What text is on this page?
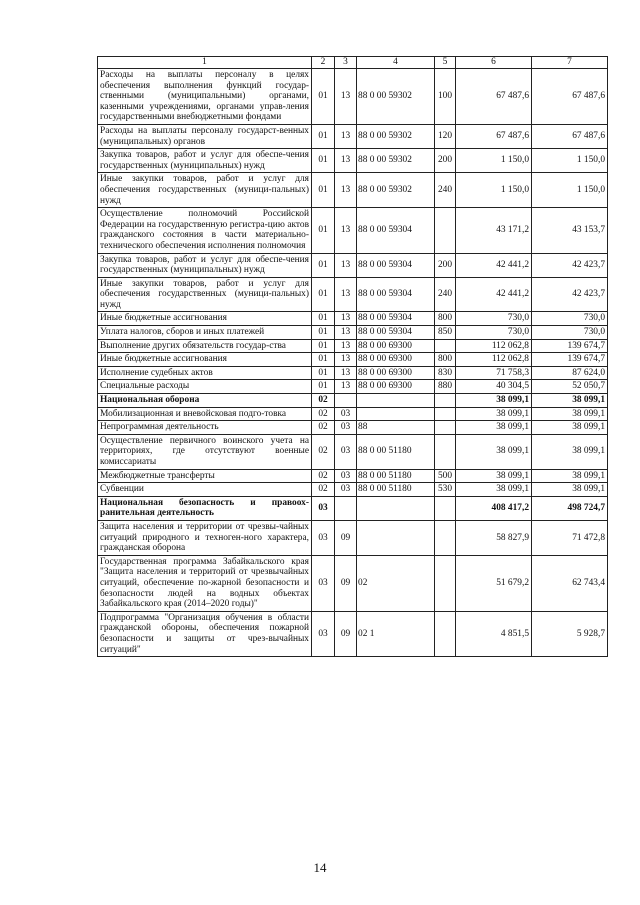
1	2	3	4	5	6	7
Расходы на выплаты персоналу в целях обеспечения выполнения функций государ-ственными (муниципальными) органами, казенными учреждениями, органами управ-ления государственными внебюджетными фондами	01	13	88 0 00 59302	100	67 487,6	67 487,6
Расходы на выплаты персоналу государст-венных (муниципальных) органов	01	13	88 0 00 59302	120	67 487,6	67 487,6
Закупка товаров, работ и услуг для обеспе-чения государственных (муниципальных) нужд	01	13	88 0 00 59302	200	1 150,0	1 150,0
Иные закупки товаров, работ и услуг для обеспечения государственных (муници-пальных) нужд	01	13	88 0 00 59302	240	1 150,0	1 150,0
Осуществление полномочий Российской Федерации на государственную регистра-цию актов гражданского состояния в части материально-технического обеспечения исполнения полномочия	01	13	88 0 00 59304		43 171,2	43 153,7
Закупка товаров, работ и услуг для обеспе-чения государственных (муниципальных) нужд	01	13	88 0 00 59304	200	42 441,2	42 423,7
Иные закупки товаров, работ и услуг для обеспечения государственных (муници-пальных) нужд	01	13	88 0 00 59304	240	42 441,2	42 423,7
Иные бюджетные ассигнования	01	13	88 0 00 59304	800	730,0	730,0
Уплата налогов, сборов и иных платежей	01	13	88 0 00 59304	850	730,0	730,0
Выполнение других обязательств государ-ства	01	13	88 0 00 69300		112 062,8	139 674,7
Иные бюджетные ассигнования	01	13	88 0 00 69300	800	112 062,8	139 674,7
Исполнение судебных актов	01	13	88 0 00 69300	830	71 758,3	87 624,0
Специальные расходы	01	13	88 0 00 69300	880	40 304,5	52 050,7
Национальная оборона	02				38 099,1	38 099,1
Мобилизационная и вневойсковая подго-товка	02	03			38 099,1	38 099,1
Непрограммная деятельность	02	03	88		38 099,1	38 099,1
Осуществление первичного воинского учета на территориях, где отсутствуют военные комиссариаты	02	03	88 0 00 51180		38 099,1	38 099,1
Межбюджетные трансферты	02	03	88 0 00 51180	500	38 099,1	38 099,1
Субвенции	02	03	88 0 00 51180	530	38 099,1	38 099,1
Национальная безопасность и правоох-ранительная деятельность	03				408 417,2	498 724,7
Защита населения и территории от чрезвы-чайных ситуаций природного и техноген-ного характера, гражданская оборона	03	09			58 827,9	71 472,8
Государственная программа Забайкальского края "Защита населения и территорий от чрезвычайных ситуаций, обеспечение по-жарной безопасности и безопасности людей на водных объектах Забайкальского края (2014–2020 годы)"	03	09	02		51 679,2	62 743,4
Подпрограмма "Организация обучения в области гражданской обороны, обеспечения пожарной безопасности и защиты от чрез-вычайных ситуаций"	03	09	02 1		4 851,5	5 928,7
14
